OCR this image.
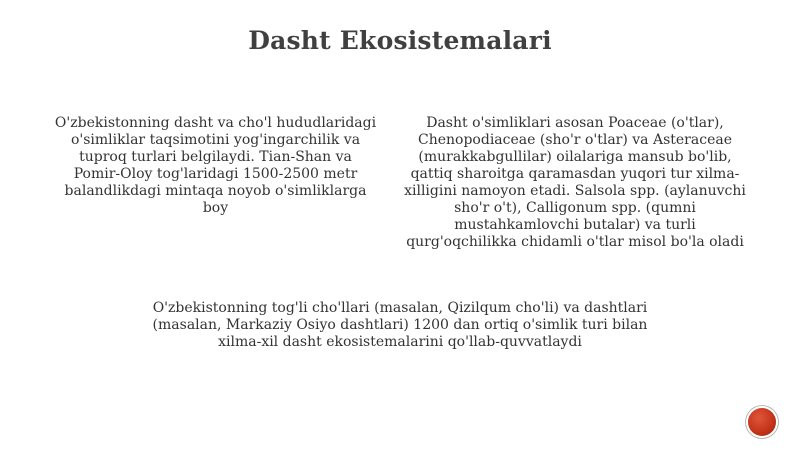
Dasht Ekosistemalari
O'zbekistonning dasht va cho'l hududlaridagi o'simliklar taqsimotini yog'ingarchilik va tuproq turlari belgilaydi. Tian-Shan va Pomir-Oloy tog'laridagi 1500-2500 metr balandlikdagi mintaqa noyob o'simliklarga boy
Dasht o'simliklari asosan Poaceae (o'tlar), Chenopodiaceae (sho'r o'tlar) va Asteraceae (murakkabgullilar) oilalariga mansub bo'lib, qattiq sharoitga qaramasdan yuqori tur xilma-xilligini namoyon etadi. Salsola spp. (aylanuvchi sho'r o't), Calligonum spp. (qumni mustahkamlovchi butalar) va turli qurg'oqchilikka chidamli o'tlar misol bo'la oladi
O'zbekistonning tog'li cho'llari (masalan, Qizilqum cho'li) va dashtlari (masalan, Markaziy Osiyo dashtlari) 1200 dan ortiq o'simlik turi bilan xilma-xil dasht ekosistemalarini qo'llab-quvvatlaydi
